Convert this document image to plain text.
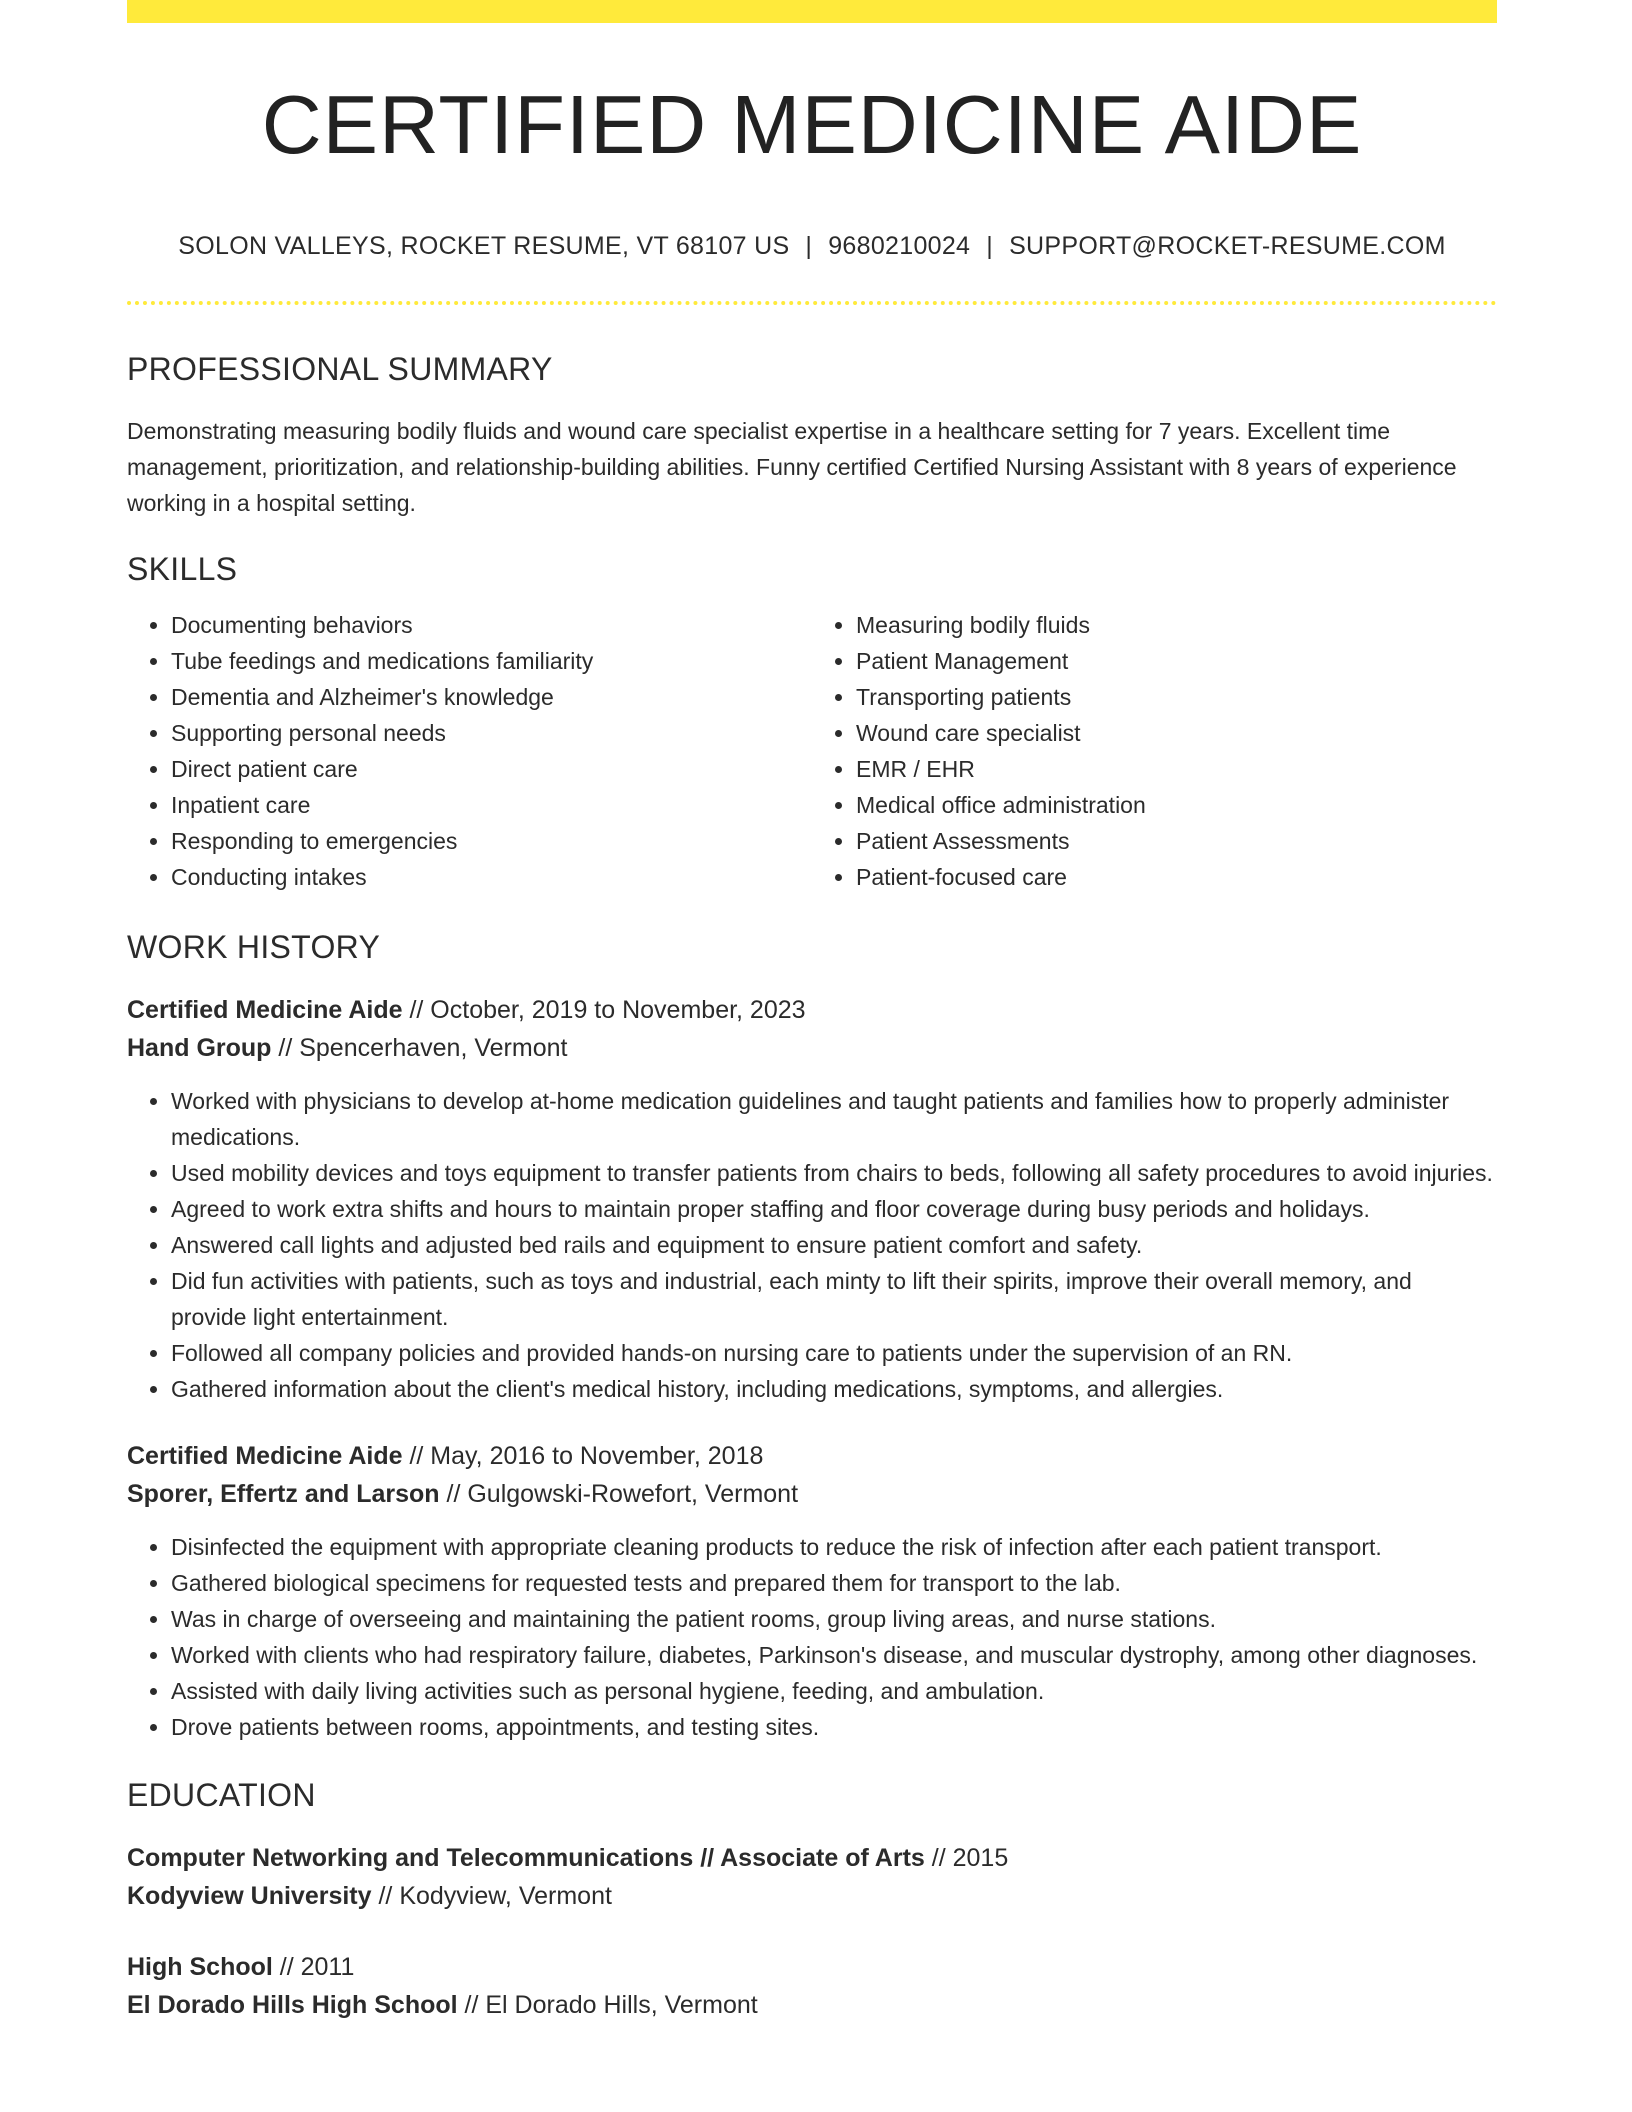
CERTIFIED MEDICINE AIDE
SOLON VALLEYS, ROCKET RESUME, VT 68107 US | 9680210024 | SUPPORT@ROCKET-RESUME.COM
PROFESSIONAL SUMMARY

Demonstrating measuring bodily fluids and wound care specialist expertise in a healthcare setting for 7 years. Excellent time management, prioritization, and relationship-building abilities. Funny certified Certified Nursing Assistant with 8 years of experience working in a hospital setting.

SKILLS
• Documenting behaviors
• Tube feedings and medications familiarity
• Dementia and Alzheimer's knowledge
• Supporting personal needs
• Direct patient care
• Inpatient care
• Responding to emergencies
• Conducting intakes
• Measuring bodily fluids
• Patient Management
• Transporting patients
• Wound care specialist
• EMR / EHR
• Medical office administration
• Patient Assessments
• Patient-focused care
WORK HISTORY
Certified Medicine Aide // October, 2019 to November, 2023
Hand Group // Spencerhaven, Vermont
• Worked with physicians to develop at-home medication guidelines and taught patients and families how to properly administer medications.
• Used mobility devices and toys equipment to transfer patients from chairs to beds, following all safety procedures to avoid injuries.
• Agreed to work extra shifts and hours to maintain proper staffing and floor coverage during busy periods and holidays.
• Answered call lights and adjusted bed rails and equipment to ensure patient comfort and safety.
• Did fun activities with patients, such as toys and industrial, each minty to lift their spirits, improve their overall memory, and provide light entertainment.
• Followed all company policies and provided hands-on nursing care to patients under the supervision of an RN.
• Gathered information about the client's medical history, including medications, symptoms, and allergies.
Certified Medicine Aide // May, 2016 to November, 2018
Sporer, Effertz and Larson // Gulgowski-Rowefort, Vermont
• Disinfected the equipment with appropriate cleaning products to reduce the risk of infection after each patient transport.
• Gathered biological specimens for requested tests and prepared them for transport to the lab.
• Was in charge of overseeing and maintaining the patient rooms, group living areas, and nurse stations.
• Worked with clients who had respiratory failure, diabetes, Parkinson's disease, and muscular dystrophy, among other diagnoses.
• Assisted with daily living activities such as personal hygiene, feeding, and ambulation.
• Drove patients between rooms, appointments, and testing sites.
EDUCATION
Computer Networking and Telecommunications // Associate of Arts // 2015
Kodyview University // Kodyview, Vermont
High School // 2011
El Dorado Hills High School // El Dorado Hills, Vermont
